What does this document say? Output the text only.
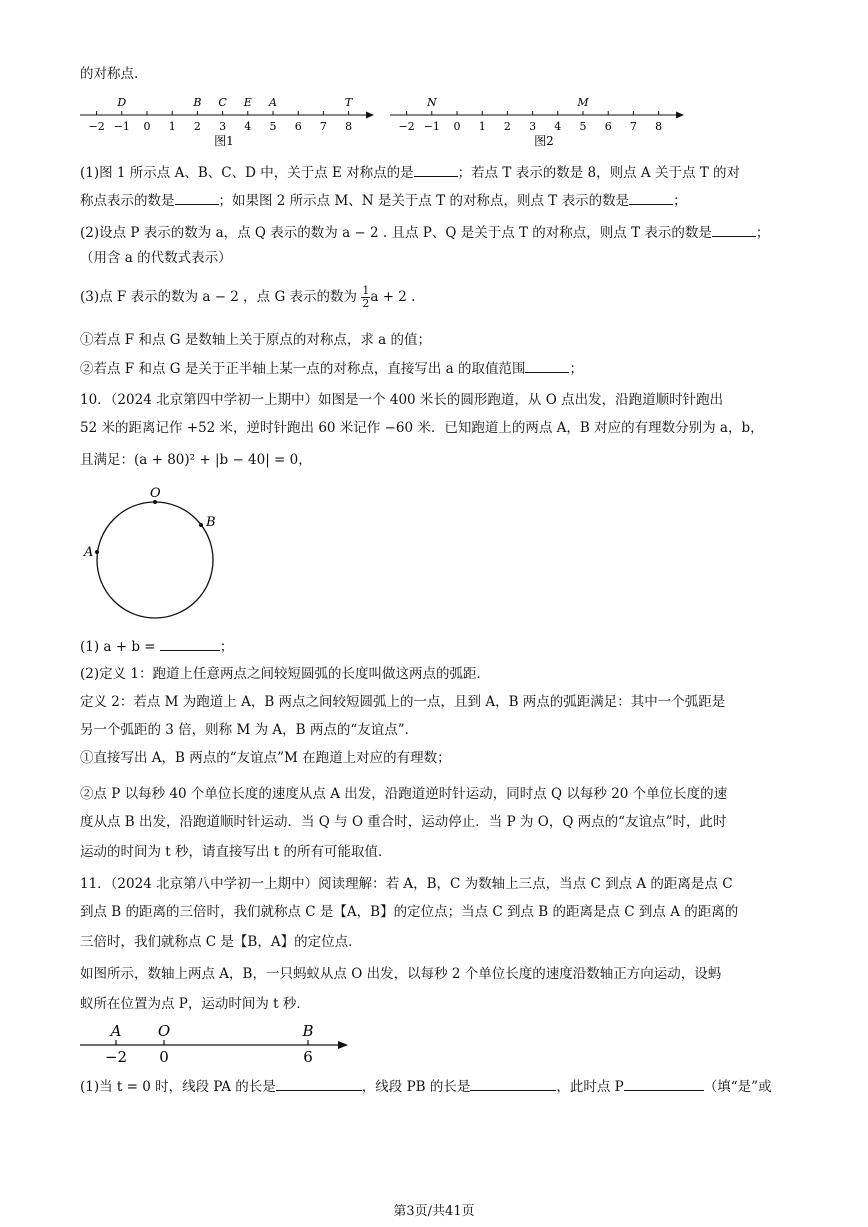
的对称点.
−2 −1 0 1 2 3 4 5 6 7 8
D	B C E A	T
图1
−2 −1 0 1 2 3 4 5 6 7 8
N	M
图2
(1)图 1 所示点 A、B、C、D 中，关于点 E 对称点的是	；若点 T 表示的数是 8，则点 A 关于点 T 的对
称点表示的数是	；如果图 2 所示点 M、N 是关于点 T 的对称点，则点 T 表示的数是	；
(2)设点 P 表示的数为 a，点 Q 表示的数为 a − 2 . 且点 P、Q 是关于点 T 的对称点，则点 T 表示的数是	；
（用含 a 的代数式表示）
(3)点 F 表示的数为 a − 2 ，点 G 表示的数为 $\frac{1}{2}$ a + 2 .
①若点 F 和点 G 是数轴上关于原点的对称点，求 a 的值；
②若点 F 和点 G 是关于正半轴上某一点的对称点，直接写出 a 的取值范围	；
10．（2024 北京第四中学初一上期中）如图是一个 400 米长的圆形跑道，从 O 点出发，沿跑道顺时针跑出
52 米的距离记作 +52 米，逆时针跑出 60 米记作 −60 米．已知跑道上的两点 A，B 对应的有理数分别为 a，b，
且满足：(a + 80)² + |b − 40| = 0，
O
B
A
(1) a + b =	；
(2)定义 1：跑道上任意两点之间较短圆弧的长度叫做这两点的弧距．
定义 2：若点 M 为跑道上 A，B 两点之间较短圆弧上的一点，且到 A，B 两点的弧距满足：其中一个弧距是
另一个弧距的 3 倍，则称 M 为 A，B 两点的“友谊点”．
①直接写出 A，B 两点的“友谊点”M 在跑道上对应的有理数；
②点 P 以每秒 40 个单位长度的速度从点 A 出发，沿跑道逆时针运动，同时点 Q 以每秒 20 个单位长度的速
度从点 B 出发，沿跑道顺时针运动．当 Q 与 O 重合时，运动停止．当 P 为 O，Q 两点的“友谊点”时，此时
运动的时间为 t 秒，请直接写出 t 的所有可能取值．
11．（2024 北京第八中学初一上期中）阅读理解：若 A，B，C 为数轴上三点，当点 C 到点 A 的距离是点 C
到点 B 的距离的三倍时，我们就称点 C 是【A，B】的定位点；当点 C 到点 B 的距离是点 C 到点 A 的距离的
三倍时，我们就称点 C 是【B，A】的定位点．
如图所示，数轴上两点 A，B，一只蚂蚁从点 O 出发，以每秒 2 个单位长度的速度沿数轴正方向运动，设蚂
蚁所在位置为点 P，运动时间为 t 秒．
A
−2
O
0
B
6
(1)当 t = 0 时，线段 PA 的长是	，线段 PB 的长是	，此时点 P	（填“是”或
第3页/共41页
